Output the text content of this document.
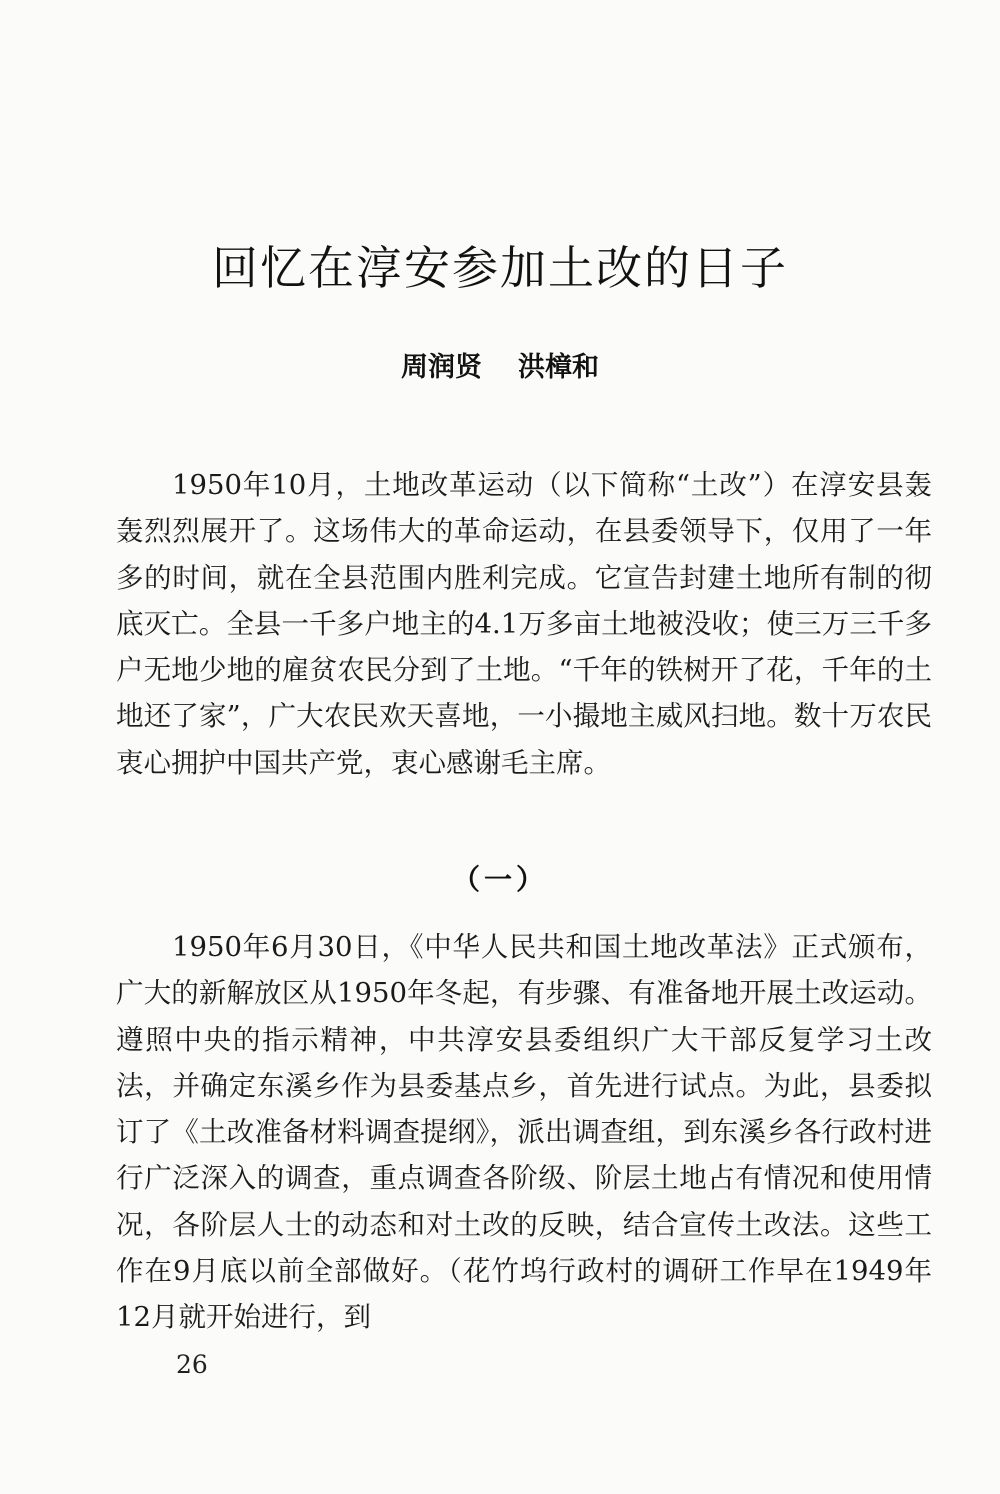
回忆在淳安参加土改的日子
周润贤 洪樟和

1950年10月，土地改革运动（以下简称“土改”）在淳安县轰轰烈烈展开了。这场伟大的革命运动，在县委领导下，仅用了一年多的时间，就在全县范围内胜利完成。它宣告封建土地所有制的彻底灭亡。全县一千多户地主的4.1万多亩土地被没收；使三万三千多户无地少地的雇贫农民分到了土地。“千年的铁树开了花，千年的土地还了家”，广大农民欢天喜地，一小撮地主威风扫地。数十万农民衷心拥护中国共产党，衷心感谢毛主席。

（一）

1950年6月30日，《中华人民共和国土地改革法》正式颁布，广大的新解放区从1950年冬起，有步骤、有准备地开展土改运动。遵照中央的指示精神，中共淳安县委组织广大干部反复学习土改法，并确定东溪乡作为县委基点乡，首先进行试点。为此，县委拟订了《土改准备材料调查提纲》，派出调查组，到东溪乡各行政村进行广泛深入的调查，重点调查各阶级、阶层土地占有情况和使用情况，各阶层人士的动态和对土改的反映，结合宣传土改法。这些工作在9月底以前全部做好。（花竹坞行政村的调研工作早在1949年12月就开始进行，到

26
